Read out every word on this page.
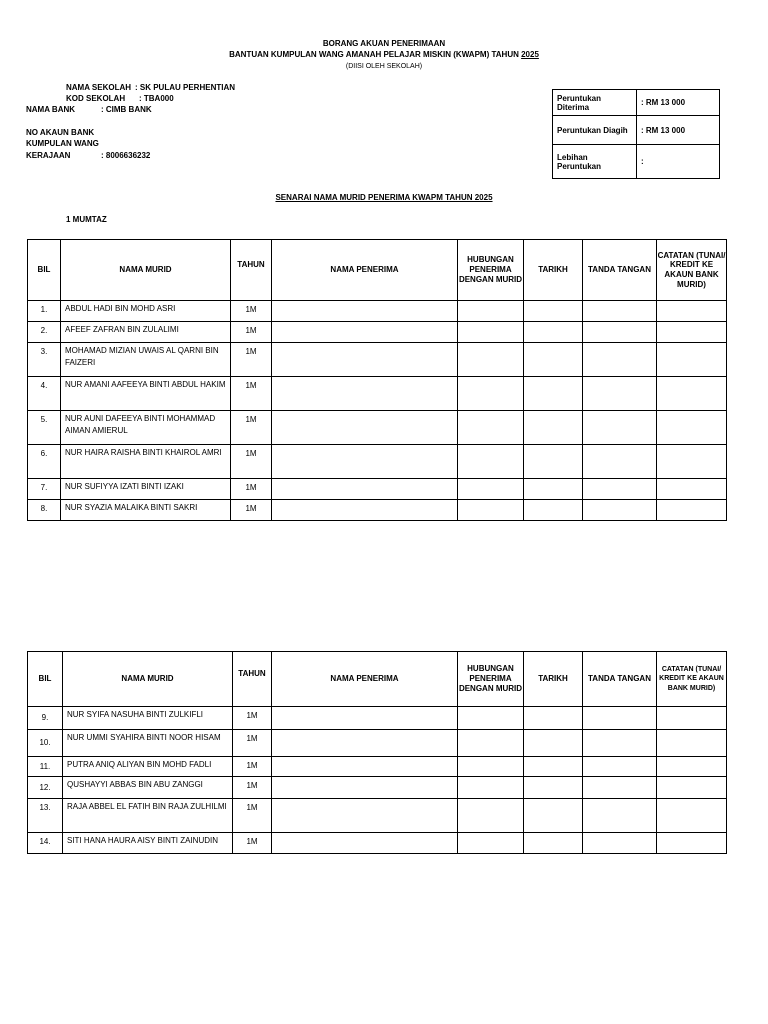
BORANG AKUAN PENERIMAAN
BANTUAN KUMPULAN WANG AMANAH PELAJAR MISKIN (KWAPM) TAHUN 2025
(DIISI OLEH SEKOLAH)
NAMA SEKOLAH : SK PULAU PERHENTIAN
KOD SEKOLAH : TBA000
NAMA BANK	: CIMB BANK
NO AKAUN BANK
KUMPULAN WANG
KERAJAAN	: 8006636232
Peruntukan Diterima	: RM 13 000
Peruntukan Diagih	: RM 13 000
Lebihan Peruntukan	:
SENARAI NAMA MURID PENERIMA KWAPM TAHUN 2025
1 MUMTAZ
BIL	NAMA MURID	TAHUN	NAMA PENERIMA	HUBUNGAN PENERIMA DENGAN MURID	TARIKH	TANDA TANGAN	CATATAN (TUNAI/ KREDIT KE AKAUN BANK MURID)
1.	ABDUL HADI BIN MOHD ASRI	1M					
2.	AFEEF ZAFRAN BIN ZULALIMI	1M					
3.	MOHAMAD MIZIAN UWAIS AL QARNI BIN FAIZERI	1M					
4.	NUR AMANI AAFEEYA BINTI ABDUL HAKIM	1M					
5.	NUR AUNI DAFEEYA BINTI MOHAMMAD AIMAN AMIERUL	1M					
6.	NUR HAIRA RAISHA BINTI KHAIROL AMRI	1M					
7.	NUR SUFIYYA IZATI BINTI IZAKI	1M					
8.	NUR SYAZIA MALAIKA BINTI SAKRI	1M					
BIL	NAMA MURID	TAHUN	NAMA PENERIMA	HUBUNGAN PENERIMA DENGAN MURID	TARIKH	TANDA TANGAN	CATATAN (TUNAI/ KREDIT KE AKAUN BANK MURID)
9.	NUR SYIFA NASUHA BINTI ZULKIFLI	1M					
10.	NUR UMMI SYAHIRA BINTI NOOR HISAM	1M					
11.	PUTRA ANIQ ALIYAN BIN MOHD FADLI	1M					
12.	QUSHAYYI ABBAS BIN ABU ZANGGI	1M					
13.	RAJA ABBEL EL FATIH BIN RAJA ZULHILMI	1M					
14.	SITI HANA HAURA AISY BINTI ZAINUDIN	1M					
